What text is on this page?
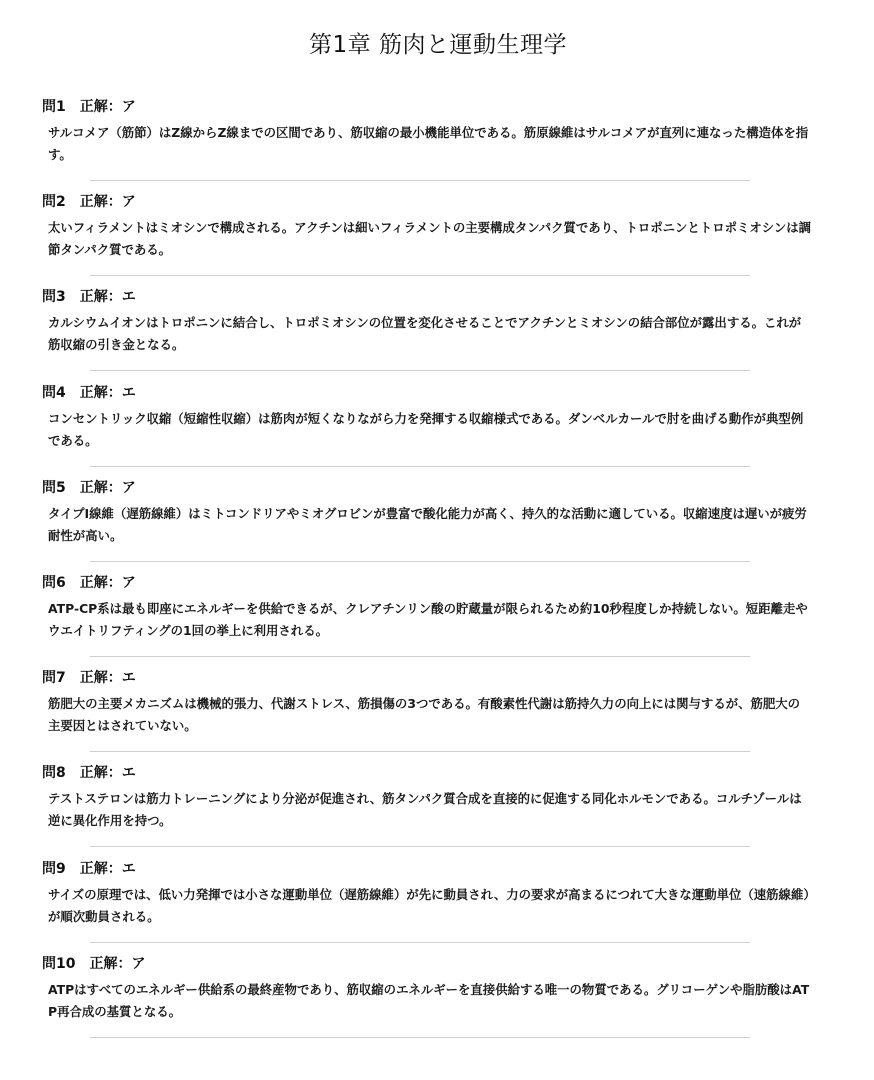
第1章 筋肉と運動生理学
問1 正解：ア

サルコメア（筋節）はZ線からZ線までの区間であり、筋収縮の最小機能単位である。筋原線維はサルコメアが直列に連なった構造体を指す。

問2 正解：ア

太いフィラメントはミオシンで構成される。アクチンは細いフィラメントの主要構成タンパク質であり、トロポニンとトロポミオシンは調節タンパク質である。

問3 正解：エ

カルシウムイオンはトロポニンに結合し、トロポミオシンの位置を変化させることでアクチンとミオシンの結合部位が露出する。これが筋収縮の引き金となる。

問4 正解：エ

コンセントリック収縮（短縮性収縮）は筋肉が短くなりながら力を発揮する収縮様式である。ダンベルカールで肘を曲げる動作が典型例である。

問5 正解：ア

タイプⅠ線維（遅筋線維）はミトコンドリアやミオグロビンが豊富で酸化能力が高く、持久的な活動に適している。収縮速度は遅いが疲労耐性が高い。

問6 正解：ア

ATP-CP系は最も即座にエネルギーを供給できるが、クレアチンリン酸の貯蔵量が限られるため約10秒程度しか持続しない。短距離走やウエイトリフティングの1回の挙上に利用される。

問7 正解：エ

筋肥大の主要メカニズムは機械的張力、代謝ストレス、筋損傷の3つである。有酸素性代謝は筋持久力の向上には関与するが、筋肥大の主要因とはされていない。

問8 正解：エ

テストステロンは筋力トレーニングにより分泌が促進され、筋タンパク質合成を直接的に促進する同化ホルモンである。コルチゾールは逆に異化作用を持つ。

問9 正解：エ

サイズの原理では、低い力発揮では小さな運動単位（遅筋線維）が先に動員され、力の要求が高まるにつれて大きな運動単位（速筋線維）が順次動員される。

問10 正解：ア

ATPはすべてのエネルギー供給系の最終産物であり、筋収縮のエネルギーを直接供給する唯一の物質である。グリコーゲンや脂肪酸はATP再合成の基質となる。
